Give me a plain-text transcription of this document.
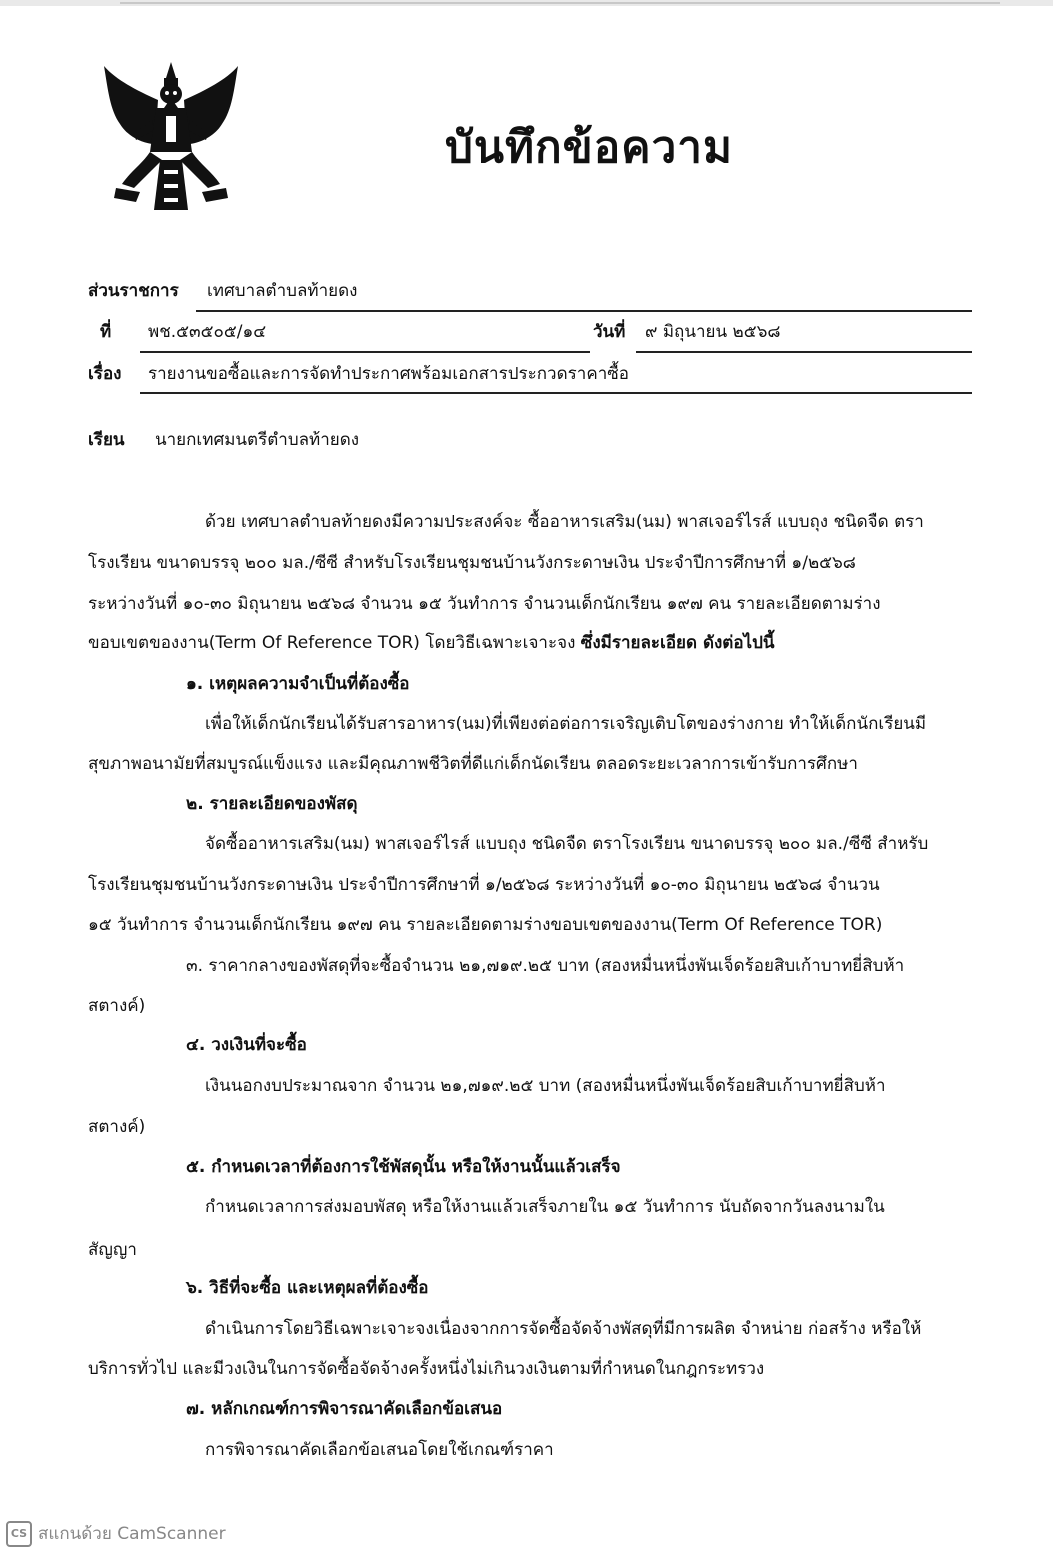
บันทึกข้อความ
ส่วนราชการ เทศบาลตำบลท้ายดง
ที่ พช.๕๓๕๐๕/๑๔	วันที่ ๙ มิถุนายน ๒๕๖๘
เรื่อง รายงานขอซื้อและการจัดทำประกาศพร้อมเอกสารประกวดราคาซื้อ
เรียน นายกเทศมนตรีตำบลท้ายดง
ด้วย เทศบาลตำบลท้ายดงมีความประสงค์จะ ซื้ออาหารเสริม(นม) พาสเจอร์ไรส์ แบบถุง ชนิดจืด ตรา
โรงเรียน ขนาดบรรจุ ๒๐๐ มล./ซีซี สำหรับโรงเรียนชุมชนบ้านวังกระดาษเงิน ประจำปีการศึกษาที่ ๑/๒๕๖๘
ระหว่างวันที่ ๑๐-๓๐ มิถุนายน ๒๕๖๘ จำนวน ๑๕ วันทำการ จำนวนเด็กนักเรียน ๑๙๗ คน รายละเอียดตามร่าง
ขอบเขตของงาน(Term Of Reference TOR) โดยวิธีเฉพาะเจาะจง ซึ่งมีรายละเอียด ดังต่อไปนี้
๑. เหตุผลความจำเป็นที่ต้องซื้อ
เพื่อให้เด็กนักเรียนได้รับสารอาหาร(นม)ที่เพียงต่อต่อการเจริญเติบโตของร่างกาย ทำให้เด็กนักเรียนมี
สุขภาพอนามัยที่สมบูรณ์แข็งแรง และมีคุณภาพชีวิตที่ดีแก่เด็กนัดเรียน ตลอดระยะเวลาการเข้ารับการศึกษา
๒. รายละเอียดของพัสดุ
จัดซื้ออาหารเสริม(นม) พาสเจอร์ไรส์ แบบถุง ชนิดจืด ตราโรงเรียน ขนาดบรรจุ ๒๐๐ มล./ซีซี สำหรับ
โรงเรียนชุมชนบ้านวังกระดาษเงิน ประจำปีการศึกษาที่ ๑/๒๕๖๘ ระหว่างวันที่ ๑๐-๓๐ มิถุนายน ๒๕๖๘ จำนวน
๑๕ วันทำการ จำนวนเด็กนักเรียน ๑๙๗ คน รายละเอียดตามร่างขอบเขตของงาน(Term Of Reference TOR)
๓. ราคากลางของพัสดุที่จะซื้อจำนวน ๒๑,๗๑๙.๒๕ บาท (สองหมื่นหนึ่งพันเจ็ดร้อยสิบเก้าบาทยี่สิบห้า
สตางค์)
๔. วงเงินที่จะซื้อ
เงินนอกงบประมาณจาก จำนวน ๒๑,๗๑๙.๒๕ บาท (สองหมื่นหนึ่งพันเจ็ดร้อยสิบเก้าบาทยี่สิบห้า
สตางค์)
๕. กำหนดเวลาที่ต้องการใช้พัสดุนั้น หรือให้งานนั้นแล้วเสร็จ
กำหนดเวลาการส่งมอบพัสดุ หรือให้งานแล้วเสร็จภายใน ๑๕ วันทำการ นับถัดจากวันลงนามใน
สัญญา
๖. วิธีที่จะซื้อ และเหตุผลที่ต้องซื้อ
ดำเนินการโดยวิธีเฉพาะเจาะจงเนื่องจากการจัดซื้อจัดจ้างพัสดุที่มีการผลิต จำหน่าย ก่อสร้าง หรือให้
บริการทั่วไป และมีวงเงินในการจัดซื้อจัดจ้างครั้งหนึ่งไม่เกินวงเงินตามที่กำหนดในกฎกระทรวง
๗. หลักเกณฑ์การพิจารณาคัดเลือกข้อเสนอ
การพิจารณาคัดเลือกข้อเสนอโดยใช้เกณฑ์ราคา
CS สแกนด้วย CamScanner
